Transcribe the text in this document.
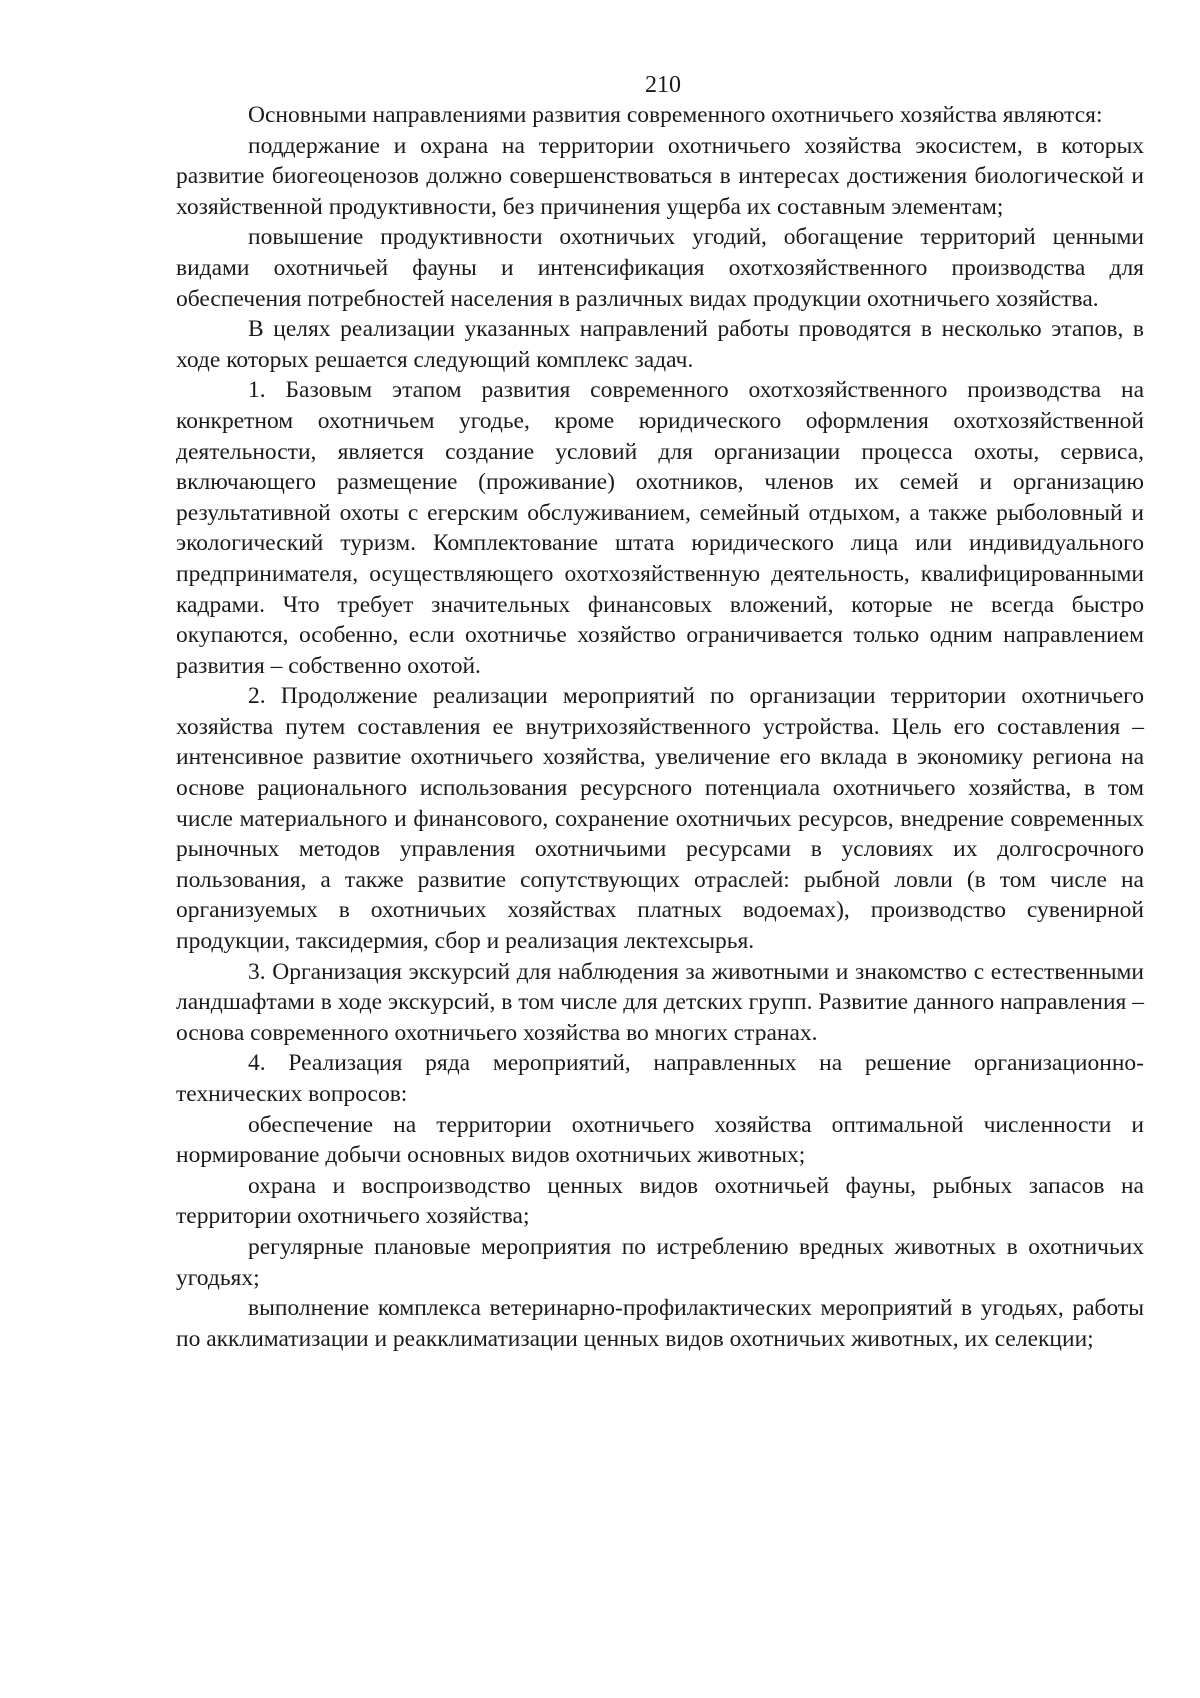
210

Основными направлениями развития современного охотничьего хозяйства являются:

поддержание и охрана на территории охотничьего хозяйства экосистем, в которых развитие биогеоценозов должно совершенствоваться в интересах достижения биологической и хозяйственной продуктивности, без причинения ущерба их составным элементам;

повышение продуктивности охотничьих угодий, обогащение территорий ценными видами охотничьей фауны и интенсификация охотхозяйственного производства для обеспечения потребностей населения в различных видах продукции охотничьего хозяйства.

В целях реализации указанных направлений работы проводятся в несколько этапов, в ходе которых решается следующий комплекс задач.

1. Базовым этапом развития современного охотхозяйственного производства на конкретном охотничьем угодье, кроме юридического оформления охотхозяйственной деятельности, является создание условий для организации процесса охоты, сервиса, включающего размещение (проживание) охотников, членов их семей и организацию результативной охоты с егерским обслуживанием, семейный отдыхом, а также рыболовный и экологический туризм. Комплектование штата юридического лица или индивидуального предпринимателя, осуществляющего охотхозяйственную деятельность, квалифицированными кадрами. Что требует значительных финансовых вложений, которые не всегда быстро окупаются, особенно, если охотничье хозяйство ограничивается только одним направлением развития – собственно охотой.

2. Продолжение реализации мероприятий по организации территории охотничьего хозяйства путем составления ее внутрихозяйственного устройства. Цель его составления – интенсивное развитие охотничьего хозяйства, увеличение его вклада в экономику региона на основе рационального использования ресурсного потенциала охотничьего хозяйства, в том числе материального и финансового, сохранение охотничьих ресурсов, внедрение современных рыночных методов управления охотничьими ресурсами в условиях их долгосрочного пользования, а также развитие сопутствующих отраслей: рыбной ловли (в том числе на организуемых в охотничьих хозяйствах платных водоемах), производство сувенирной продукции, таксидермия, сбор и реализация лектехсырья.

3. Организация экскурсий для наблюдения за животными и знакомство с естественными ландшафтами в ходе экскурсий, в том числе для детских групп. Развитие данного направления – основа современного охотничьего хозяйства во многих странах.

4. Реализация ряда мероприятий, направленных на решение организационно-технических вопросов:

обеспечение на территории охотничьего хозяйства оптимальной численности и нормирование добычи основных видов охотничьих животных;

охрана и воспроизводство ценных видов охотничьей фауны, рыбных запасов на территории охотничьего хозяйства;

регулярные плановые мероприятия по истреблению вредных животных в охотничьих угодьях;

выполнение комплекса ветеринарно-профилактических мероприятий в угодьях, работы по акклиматизации и реакклиматизации ценных видов охотничьих животных, их селекции;
